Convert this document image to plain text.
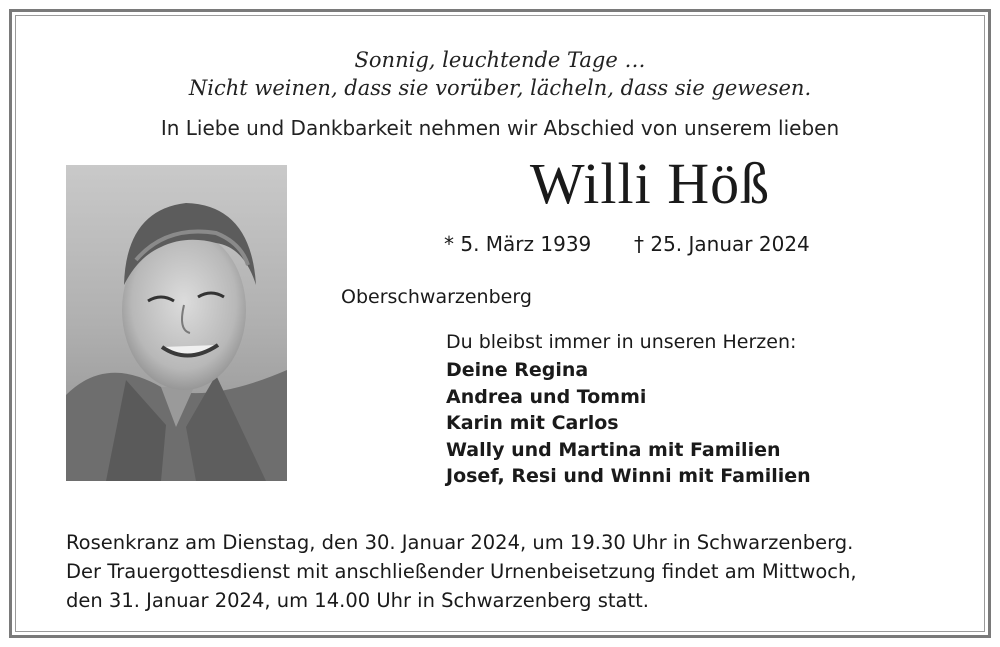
Sonnig, leuchtende Tage …
Nicht weinen, dass sie vorüber, lächeln, dass sie gewesen.
In Liebe und Dankbarkeit nehmen wir Abschied von unserem lieben
Willi Höß
* 5. März 1939 † 25. Januar 2024
Oberschwarzenberg
Du bleibst immer in unseren Herzen:
Deine Regina
Andrea und Tommi
Karin mit Carlos
Wally und Martina mit Familien
Josef, Resi und Winni mit Familien
Rosenkranz am Dienstag, den 30. Januar 2024, um 19.30 Uhr in Schwarzenberg.
Der Trauergottesdienst mit anschließender Urnenbeisetzung findet am Mittwoch,
den 31. Januar 2024, um 14.00 Uhr in Schwarzenberg statt.
